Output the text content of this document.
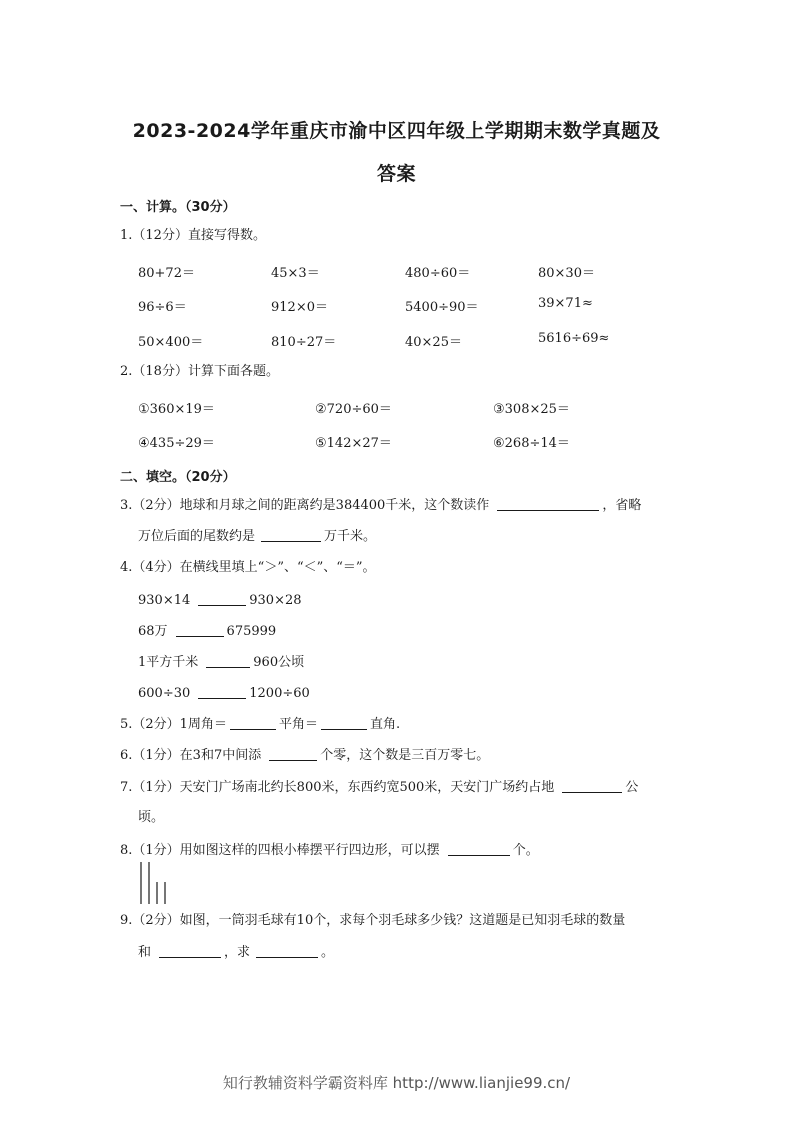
2023-2024学年重庆市渝中区四年级上学期期末数学真题及
答案
一、计算。（30分）
1.（12分）直接写得数。
80+72＝	45×3＝	480÷60＝	80×30＝
96÷6＝	912×0＝	5400÷90＝	39×71≈
50×400＝	810÷27＝	40×25＝	5616÷69≈
2.（18分）计算下面各题。
①360×19＝	②720÷60＝	③308×25＝
④435÷29＝	⑤142×27＝	⑥268÷14＝
二、填空。（20分）
3.（2分）地球和月球之间的距离约是384400千米，这个数读作	，省略
万位后面的尾数约是	万千米。
4.（4分）在横线里填上“＞”、“＜”、“＝”。
930×14	930×28
68万	675999
1平方千米	960公顷
600÷30	1200÷60
5.（2分）1周角＝	平角＝	直角.
6.（1分）在3和7中间添	个零，这个数是三百万零七。
7.（1分）天安门广场南北约长800米，东西约宽500米，天安门广场约占地	公
顷。
8.（1分）用如图这样的四根小棒摆平行四边形，可以摆	个。
9.（2分）如图，一筒羽毛球有10个，求每个羽毛球多少钱？这道题是已知羽毛球的数量
和	，求	。
知行教辅资料学霸资料库 http://www.lianjie99.cn/
